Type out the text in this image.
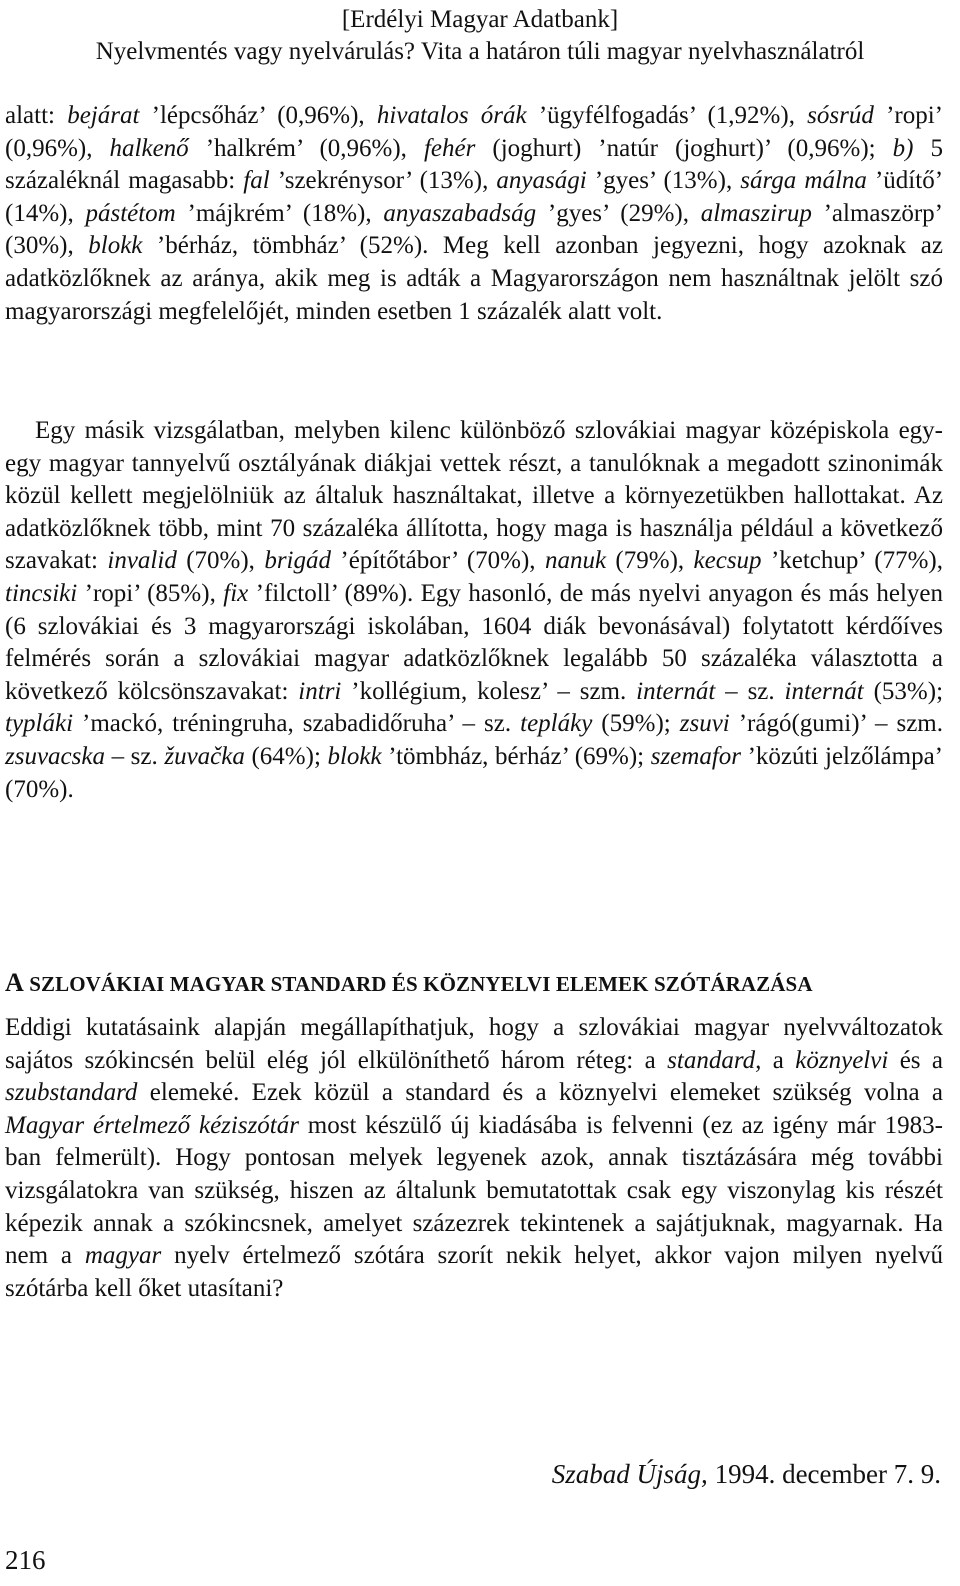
[Erdélyi Magyar Adatbank]
Nyelvmentés vagy nyelvárulás? Vita a határon túli magyar nyelvhasználatról
alatt: bejárat ’lépcsőház’ (0,96%), hivatalos órák ’ügyfélfogadás’ (1,92%), sósrúd ’ropi’ (0,96%), halkenő ’halkrém’ (0,96%), fehér (joghurt) ’natúr (joghurt)’ (0,96%); b) 5 százaléknál magasabb: fal ’szekrénysor’ (13%), anyasági ’gyes’ (13%), sárga málna ’üdítő’ (14%), pástétom ’májkrém’ (18%), anyaszabadság ’gyes’ (29%), almaszirup ’almaszörp’ (30%), blokk ’bérház, tömbház’ (52%). Meg kell azonban jegyezni, hogy azoknak az adatközlőknek az aránya, akik meg is adták a Magyarországon nem használtnak jelölt szó magyarországi megfelelőjét, minden esetben 1 százalék alatt volt.
Egy másik vizsgálatban, melyben kilenc különböző szlovákiai magyar középiskola egy-egy magyar tannyelvű osztályának diákjai vettek részt, a tanulóknak a megadott szinonimák közül kellett megjelölniük az általuk használtakat, illetve a környezetükben hallottakat. Az adatközlőknek több, mint 70 százaléka állította, hogy maga is használja például a következő szavakat: invalid (70%), brigád ’építőtábor’ (70%), nanuk (79%), kecsup ’ketchup’ (77%), tincsiki ’ropi’ (85%), fix ’filctoll’ (89%). Egy hasonló, de más nyelvi anyagon és más helyen (6 szlovákiai és 3 magyarországi iskolában, 1604 diák bevonásával) folytatott kérdőíves felmérés során a szlovákiai magyar adatközlőknek legalább 50 százaléka választotta a következő kölcsönszavakat: intri ’kollégium, kolesz’ – szm. internát – sz. internát (53%); typláki ’mackó, tréningruha, szabadidőruha’ – sz. tepláky (59%); zsuvi ’rágó(gumi)’ – szm. zsuvacska – sz. žuvačka (64%); blokk ’tömbház, bérház’ (69%); szemafor ’közúti jelzőlámpa’ (70%).
A SZLOVÁKIAI MAGYAR STANDARD ÉS KÖZNYELVI ELEMEK SZÓTÁRAZÁSA
Eddigi kutatásaink alapján megállapíthatjuk, hogy a szlovákiai magyar nyelvváltozatok sajátos szókincsén belül elég jól elkülöníthető három réteg: a standard, a köznyelvi és a szubstandard elemeké. Ezek közül a standard és a köznyelvi elemeket szükség volna a Magyar értelmező kéziszótár most készülő új kiadásába is felvenni (ez az igény már 1983-ban felmerült). Hogy pontosan melyek legyenek azok, annak tisztázására még további vizsgálatokra van szükség, hiszen az általunk bemutatottak csak egy viszonylag kis részét képezik annak a szókincsnek, amelyet százezrek tekintenek a sajátjuknak, magyarnak. Ha nem a magyar nyelv értelmező szótára szorít nekik helyet, akkor vajon milyen nyelvű szótárba kell őket utasítani?
Szabad Újság, 1994. december 7. 9.
216
